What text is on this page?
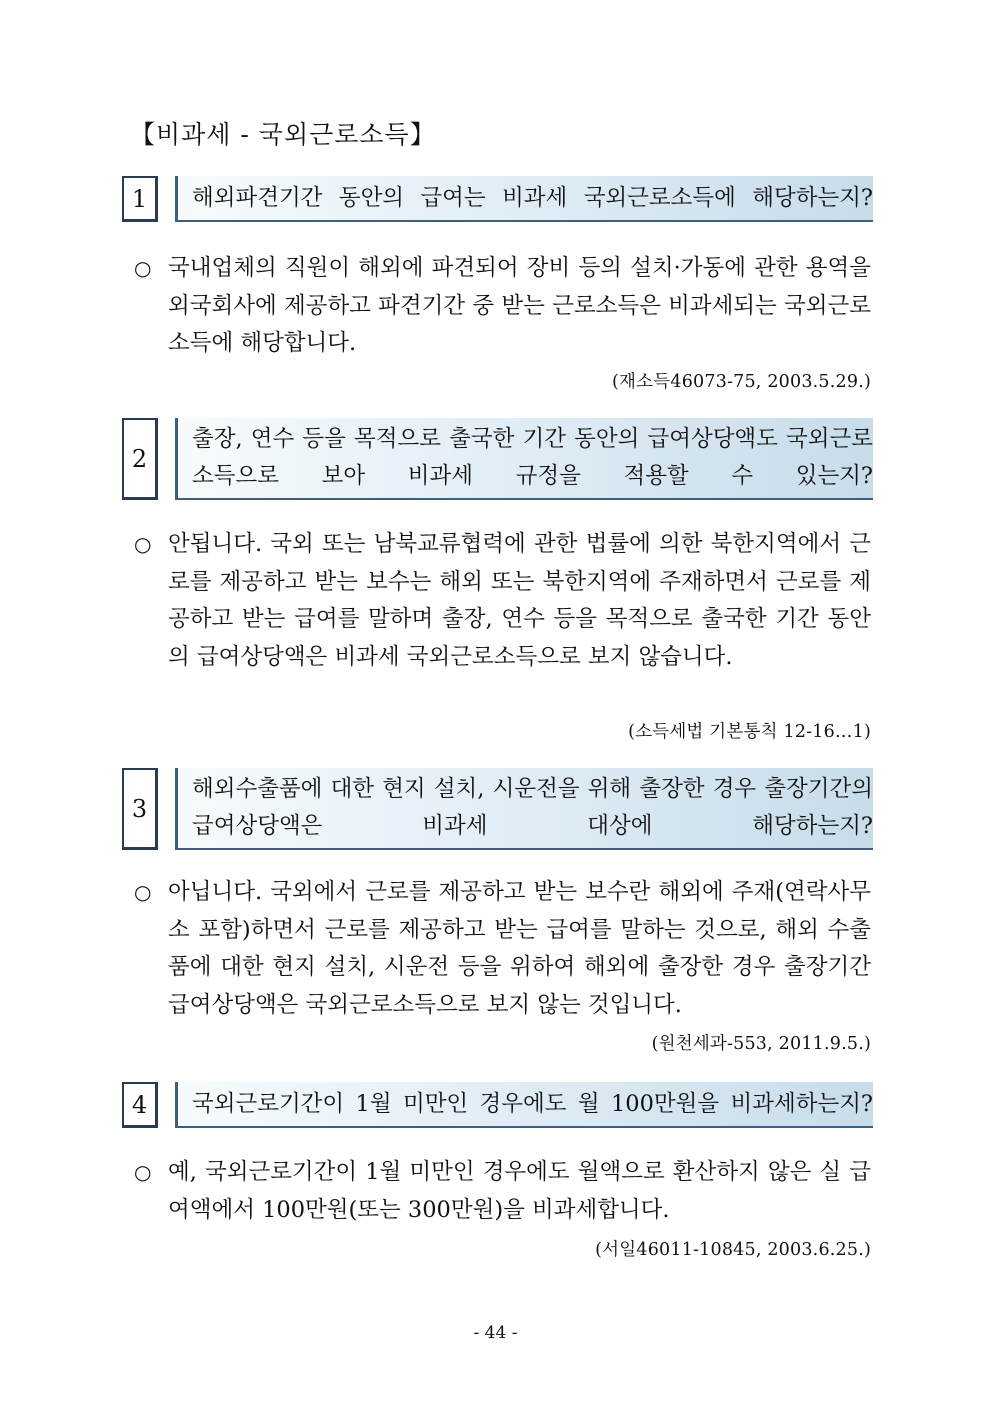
【비과세 - 국외근로소득】
1	해외파견기간 동안의 급여는 비과세 국외근로소득에 해당하는지?
○ 국내업체의 직원이 해외에 파견되어 장비 등의 설치·가동에 관한 용역을 외국회사에 제공하고 파견기간 중 받는 근로소득은 비과세되는 국외근로소득에 해당합니다.
(재소득46073-75, 2003.5.29.)
2
출장, 연수 등을 목적으로 출국한 기간 동안의 급여상당액도 국외근로소득으로 보아 비과세 규정을 적용할 수 있는지?
○ 안됩니다. 국외 또는 남북교류협력에 관한 법률에 의한 북한지역에서 근로를 제공하고 받는 보수는 해외 또는 북한지역에 주재하면서 근로를 제공하고 받는 급여를 말하며 출장, 연수 등을 목적으로 출국한 기간 동안의 급여상당액은 비과세 국외근로소득으로 보지 않습니다.
(소득세법 기본통칙 12-16…1)
3
해외수출품에 대한 현지 설치, 시운전을 위해 출장한 경우 출장기간의 급여상당액은 비과세 대상에 해당하는지?
○ 아닙니다. 국외에서 근로를 제공하고 받는 보수란 해외에 주재(연락사무소 포함)하면서 근로를 제공하고 받는 급여를 말하는 것으로, 해외 수출품에 대한 현지 설치, 시운전 등을 위하여 해외에 출장한 경우 출장기간 급여상당액은 국외근로소득으로 보지 않는 것입니다.
(원천세과-553, 2011.9.5.)
4	국외근로기간이 1월 미만인 경우에도 월 100만원을 비과세하는지?
○ 예, 국외근로기간이 1월 미만인 경우에도 월액으로 환산하지 않은 실 급여액에서 100만원(또는 300만원)을 비과세합니다.
(서일46011-10845, 2003.6.25.)
- 44 -
